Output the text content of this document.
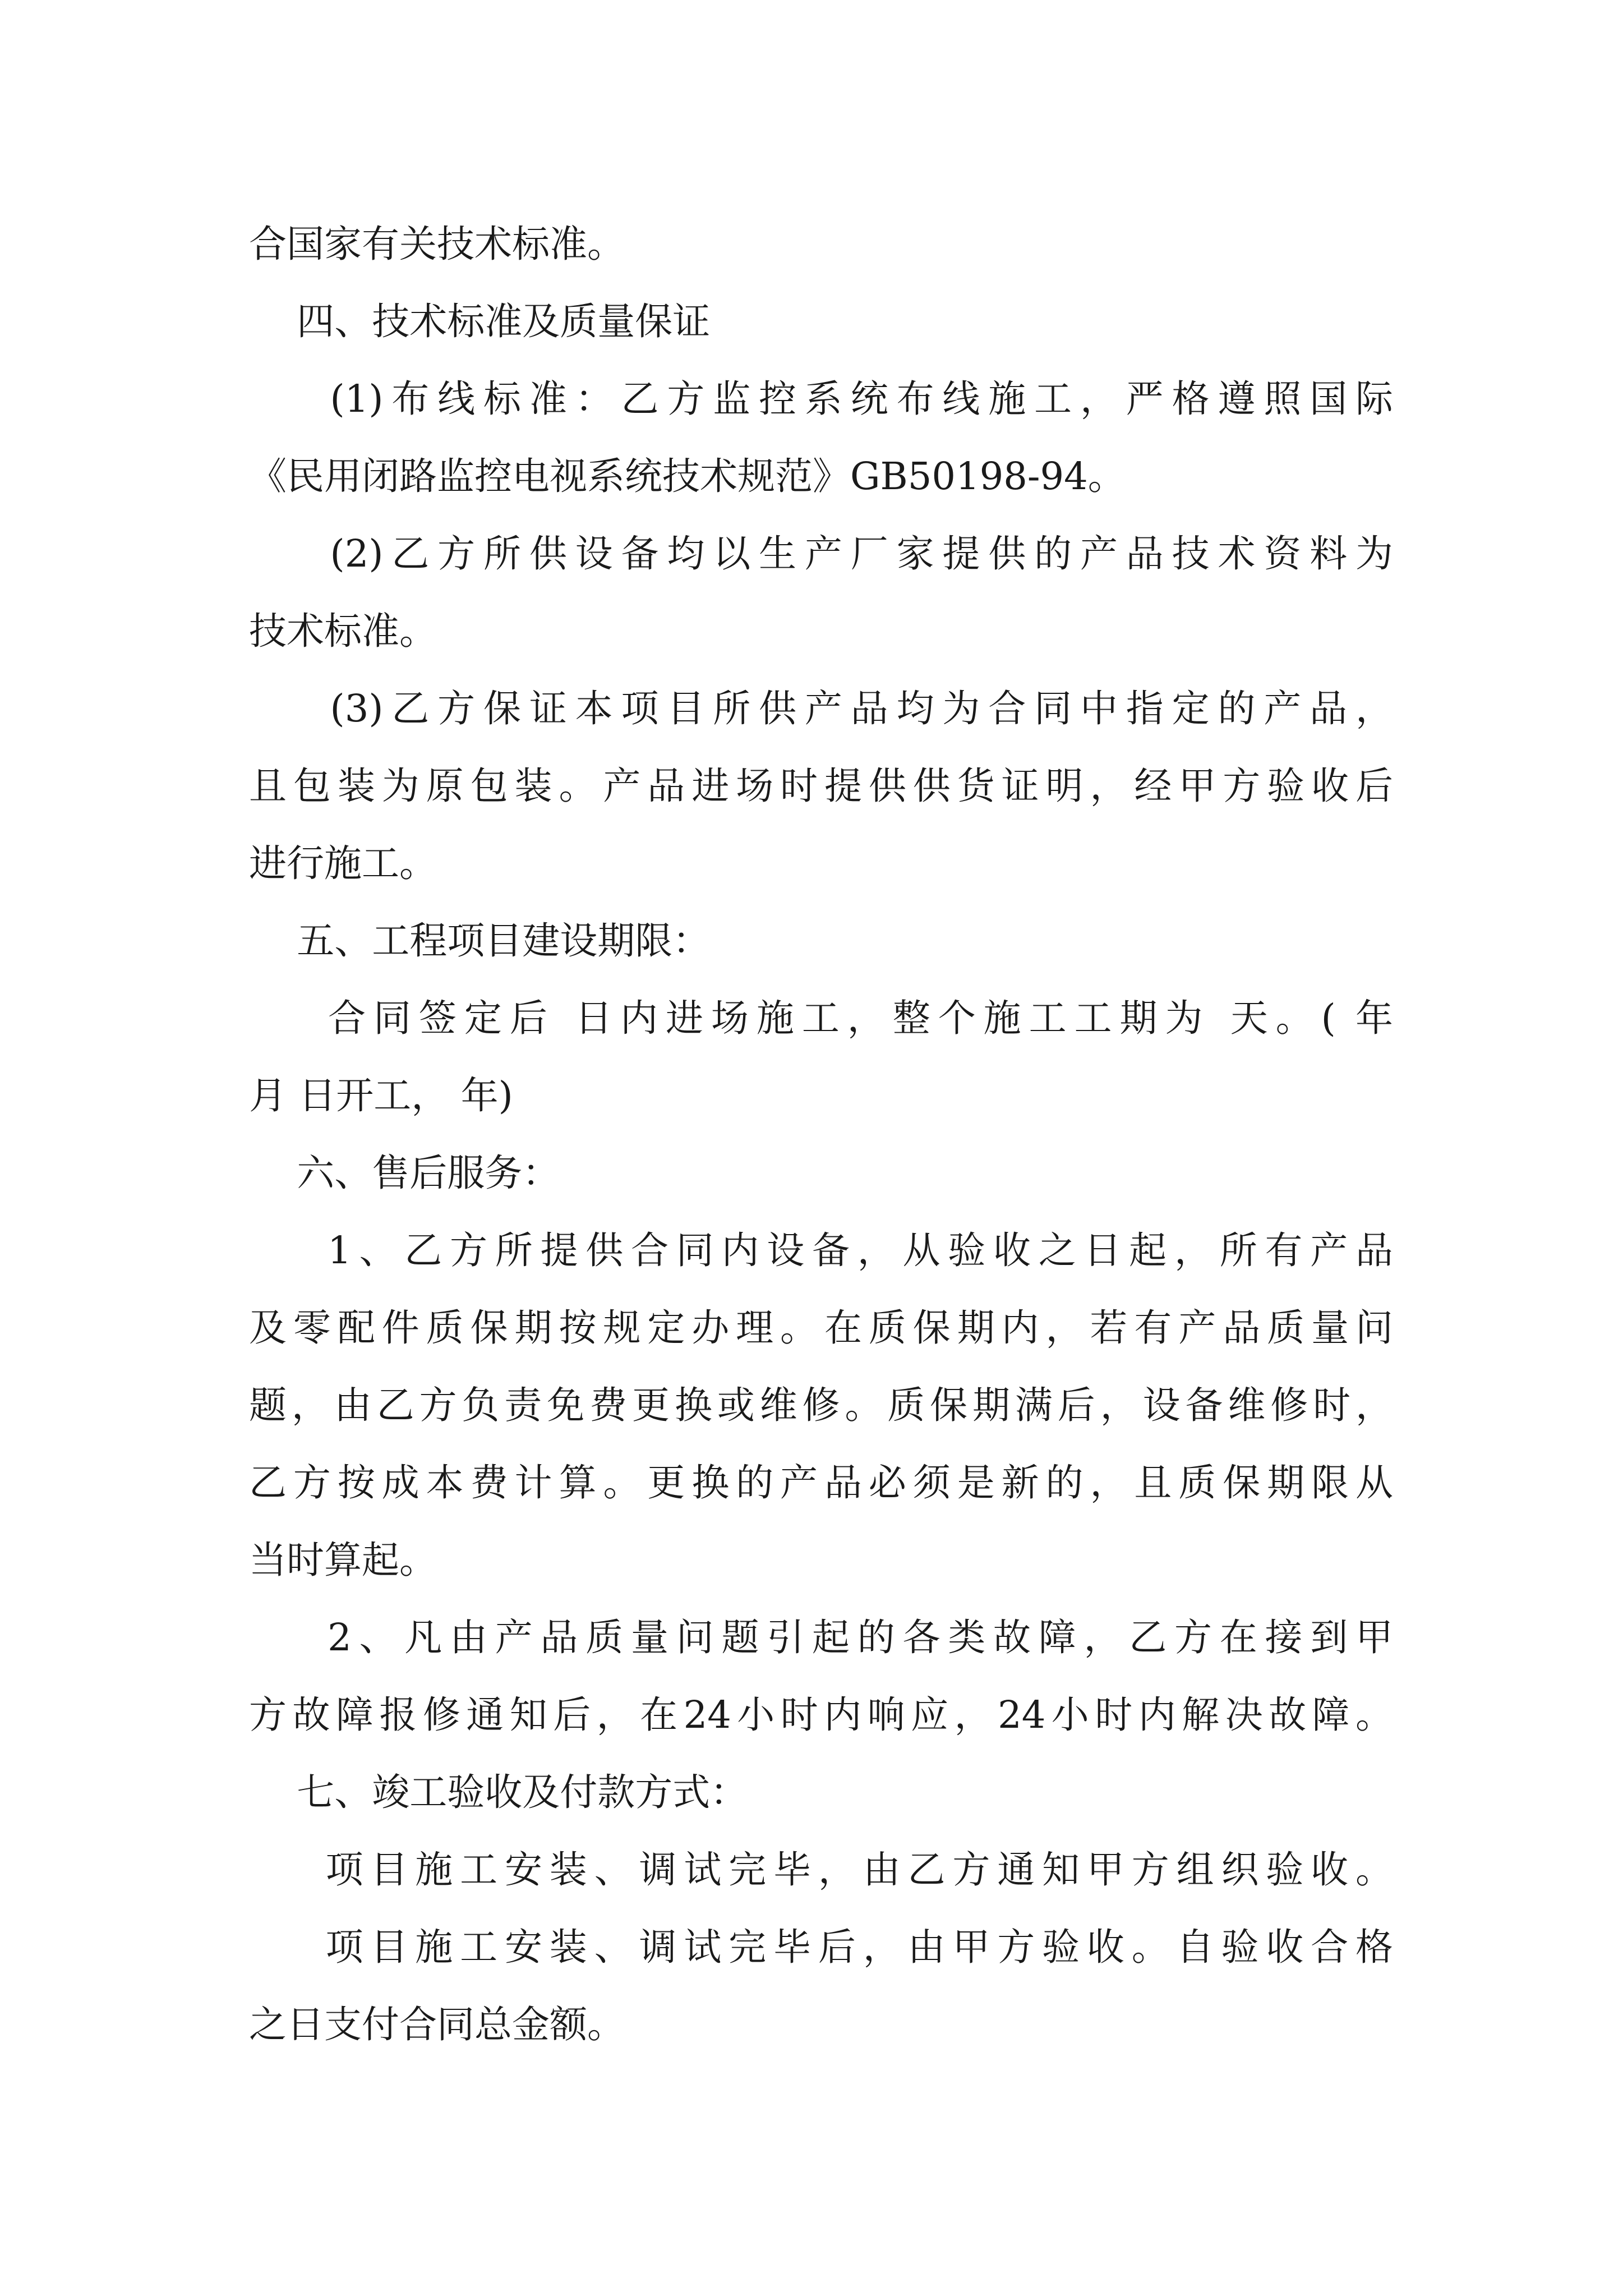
合国家有关技术标准。
四、技术标准及质量保证
(1)布线标准：乙方监控系统布线施工，严格遵照国际
《民用闭路监控电视系统技术规范》GB50198-94。
(2)乙方所供设备均以生产厂家提供的产品技术资料为
技术标准。
(3)乙方保证本项目所供产品均为合同中指定的产品，
且包装为原包装。产品进场时提供供货证明，经甲方验收后
进行施工。
五、工程项目建设期限：
合同签定后 日内进场施工，整个施工工期为 天。( 年
月 日开工， 年)
六、售后服务：
1、乙方所提供合同内设备，从验收之日起，所有产品
及零配件质保期按规定办理。在质保期内，若有产品质量问
题，由乙方负责免费更换或维修。质保期满后，设备维修时，
乙方按成本费计算。更换的产品必须是新的，且质保期限从
当时算起。
2、凡由产品质量问题引起的各类故障，乙方在接到甲
方故障报修通知后，在24小时内响应，24小时内解决故障。
七、竣工验收及付款方式：
项目施工安装、调试完毕，由乙方通知甲方组织验收。
项目施工安装、调试完毕后，由甲方验收。自验收合格
之日支付合同总金额。
